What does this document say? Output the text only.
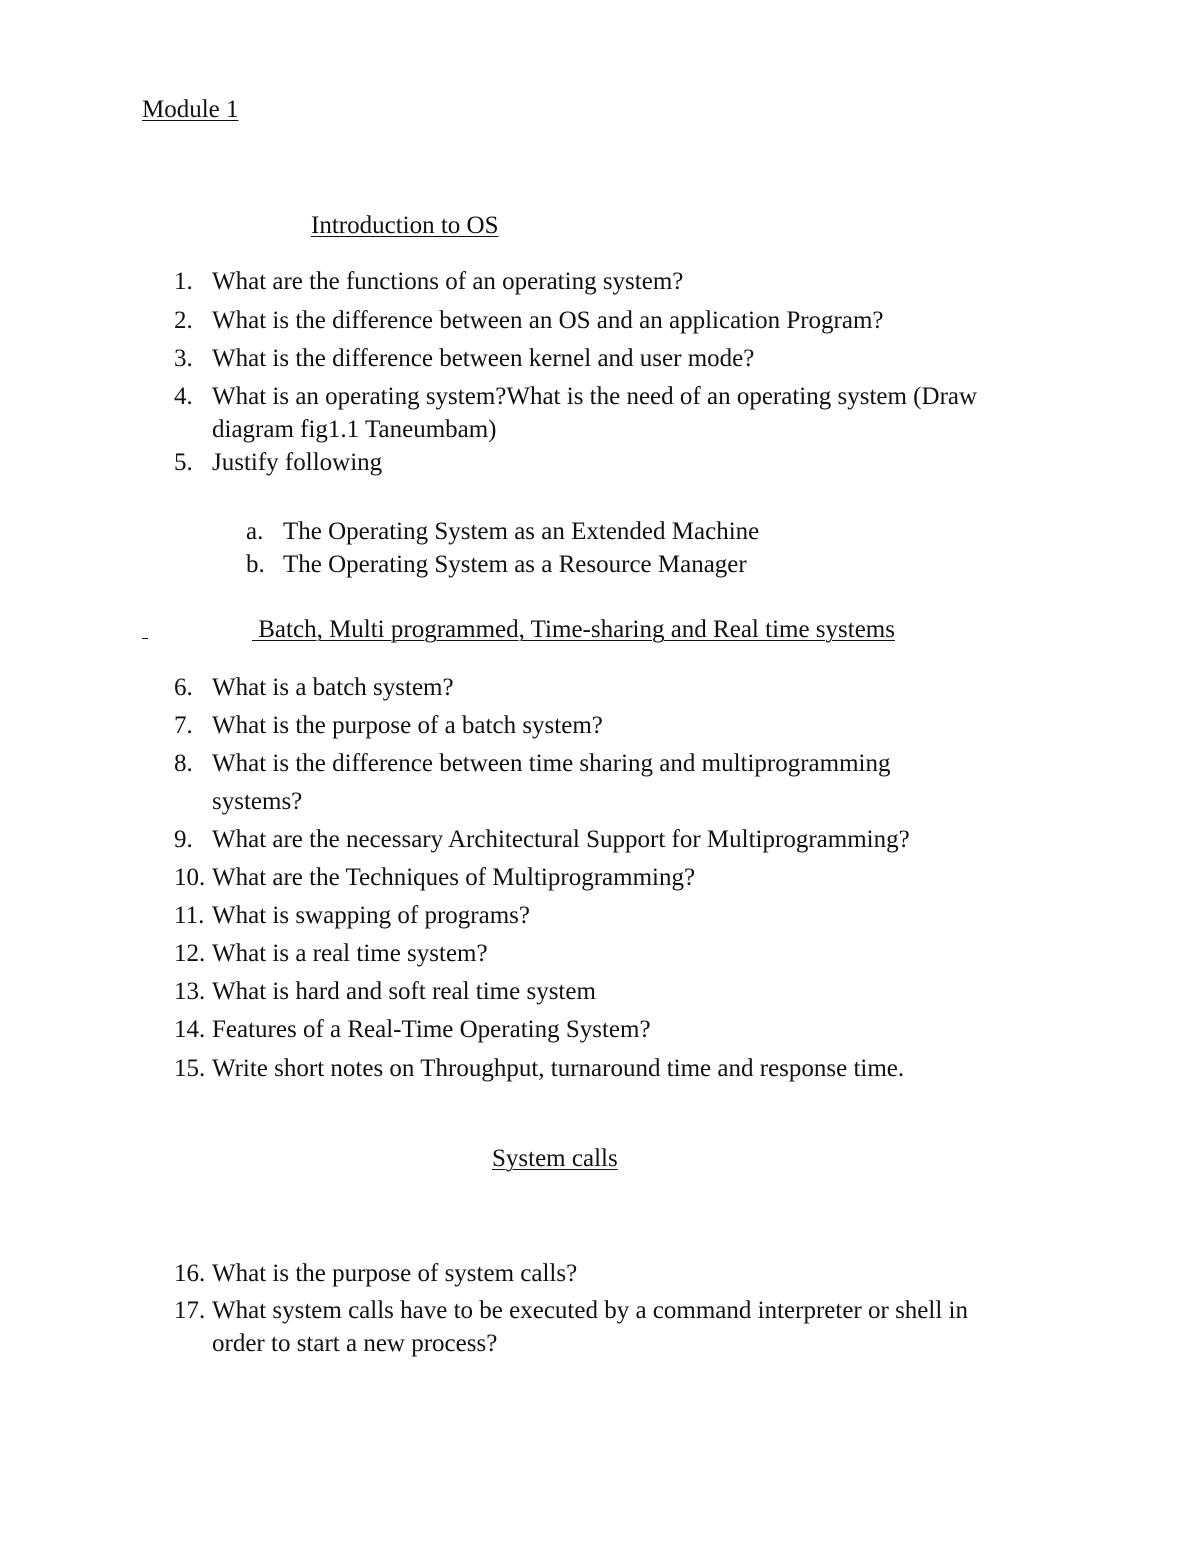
Module 1
Introduction to OS
1. What are the functions of an operating system?
2. What is the difference between an OS and an application Program?
3. What is the difference between kernel and user mode?
4. What is an operating system?What is the need of an operating system (Draw
diagram fig1.1 Taneumbam)
5. Justify following
a. The Operating System as an Extended Machine
b. The Operating System as a Resource Manager
Batch, Multi programmed, Time-sharing and Real time systems
6. What is a batch system?
7. What is the purpose of a batch system?
8. What is the difference between time sharing and multiprogramming
systems?
9. What are the necessary Architectural Support for Multiprogramming?
10. What are the Techniques of Multiprogramming?
11. What is swapping of programs?
12. What is a real time system?
13. What is hard and soft real time system
14. Features of a Real-Time Operating System?
15. Write short notes on Throughput, turnaround time and response time.
System calls
16. What is the purpose of system calls?
17. What system calls have to be executed by a command interpreter or shell in
order to start a new process?
